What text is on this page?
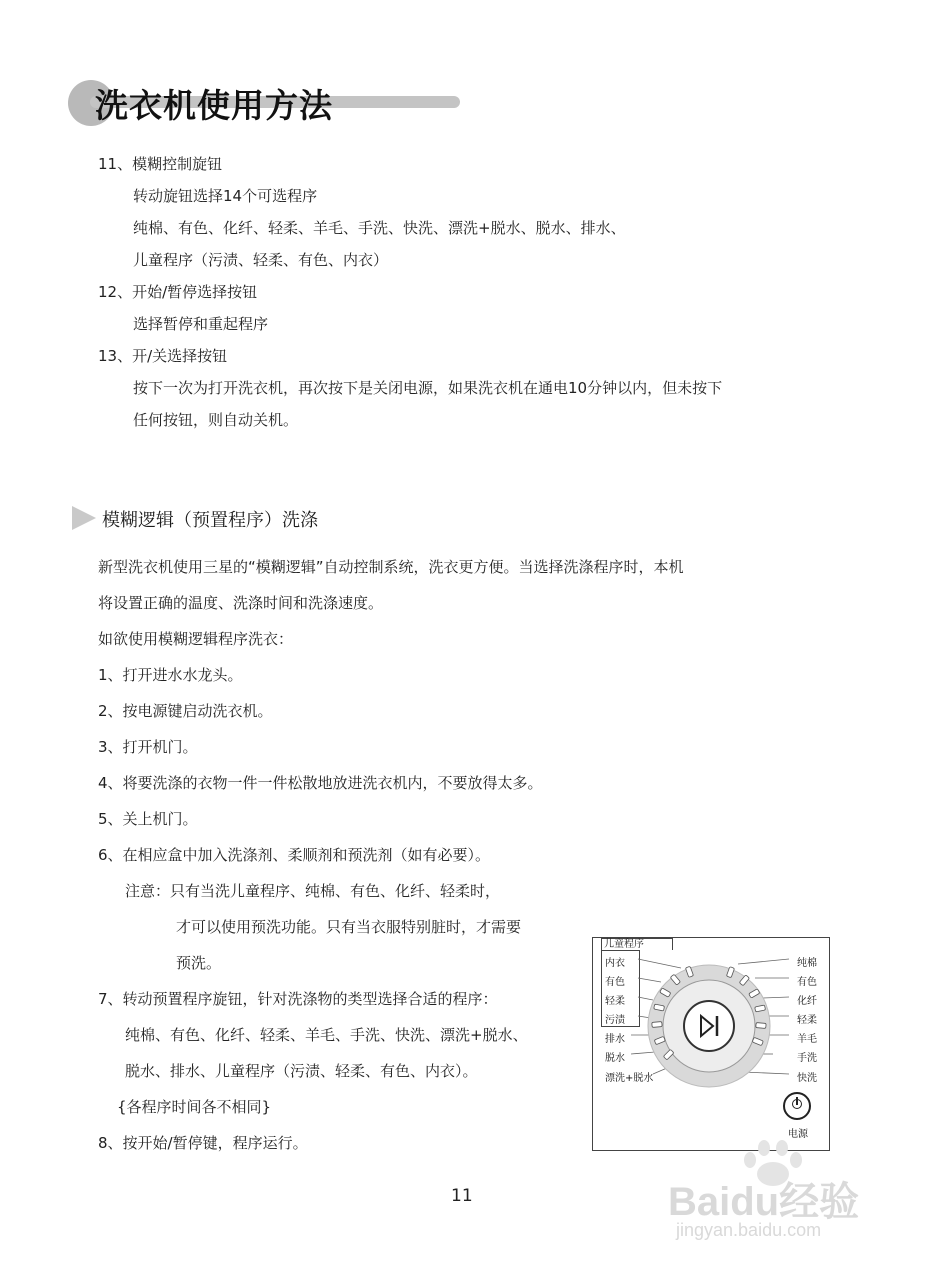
洗衣机使用方法
11、模糊控制旋钮
转动旋钮选择14个可选程序
纯棉、有色、化纤、轻柔、羊毛、手洗、快洗、漂洗+脱水、脱水、排水、
儿童程序（污渍、轻柔、有色、内衣）
12、开始/暂停选择按钮
选择暂停和重起程序
13、开/关选择按钮
按下一次为打开洗衣机，再次按下是关闭电源，如果洗衣机在通电10分钟以内，但未按下
任何按钮，则自动关机。
模糊逻辑（预置程序）洗涤
新型洗衣机使用三星的“模糊逻辑”自动控制系统，洗衣更方便。当选择洗涤程序时，本机
将设置正确的温度、洗涤时间和洗涤速度。
如欲使用模糊逻辑程序洗衣：
1、打开进水水龙头。
2、按电源键启动洗衣机。
3、打开机门。
4、将要洗涤的衣物一件一件松散地放进洗衣机内，不要放得太多。
5、关上机门。
6、在相应盒中加入洗涤剂、柔顺剂和预洗剂（如有必要）。
注意：只有当洗儿童程序、纯棉、有色、化纤、轻柔时，
才可以使用预洗功能。只有当衣服特别脏时，才需要
预洗。
7、转动预置程序旋钮，针对洗涤物的类型选择合适的程序：
纯棉、有色、化纤、轻柔、羊毛、手洗、快洗、漂洗+脱水、
脱水、排水、儿童程序（污渍、轻柔、有色、内衣）。
{各程序时间各不相同}
8、按开始/暂停键，程序运行。
儿童程序
内衣
有色
轻柔
污渍
排水
脱水
漂洗+脱水
纯棉
有色
化纤
轻柔
羊毛
手洗
快洗
电源
11	Baidu经验
jingyan.baidu.com
